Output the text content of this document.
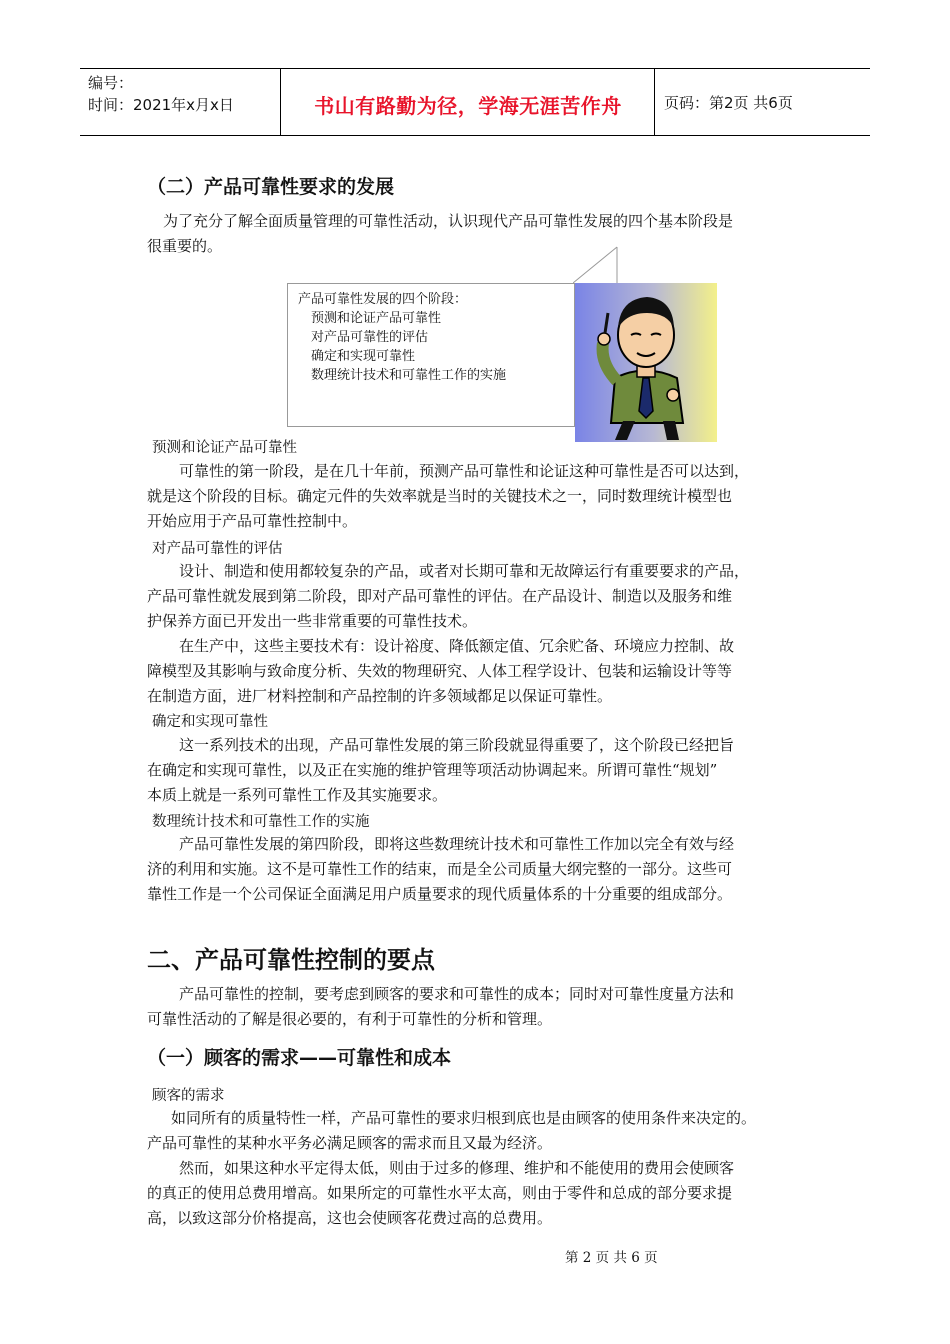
编号：
时间：2021年x月x日	书山有路勤为径，学海无涯苦作舟	页码：第2页 共6页
（二）产品可靠性要求的发展

为了充分了解全面质量管理的可靠性活动，认识现代产品可靠性发展的四个基本阶段是

很重要的。

产品可靠性发展的四个阶段：
预测和论证产品可靠性
对产品可靠性的评估
确定和实现可靠性
数理统计技术和可靠性工作的实施
预测和论证产品可靠性

可靠性的第一阶段，是在几十年前，预测产品可靠性和论证这种可靠性是否可以达到，

就是这个阶段的目标。确定元件的失效率就是当时的关键技术之一，同时数理统计模型也

开始应用于产品可靠性控制中。

对产品可靠性的评估

设计、制造和使用都较复杂的产品，或者对长期可靠和无故障运行有重要要求的产品，

产品可靠性就发展到第二阶段，即对产品可靠性的评估。在产品设计、制造以及服务和维

护保养方面已开发出一些非常重要的可靠性技术。

在生产中，这些主要技术有：设计裕度、降低额定值、冗余贮备、环境应力控制、故

障模型及其影响与致命度分析、失效的物理研究、人体工程学设计、包装和运输设计等等

在制造方面，进厂材料控制和产品控制的许多领域都足以保证可靠性。

确定和实现可靠性

这一系列技术的出现，产品可靠性发展的第三阶段就显得重要了，这个阶段已经把旨

在确定和实现可靠性，以及正在实施的维护管理等项活动协调起来。所谓可靠性“规划”

本质上就是一系列可靠性工作及其实施要求。

数理统计技术和可靠性工作的实施

产品可靠性发展的第四阶段，即将这些数理统计技术和可靠性工作加以完全有效与经

济的利用和实施。这不是可靠性工作的结束，而是全公司质量大纲完整的一部分。这些可

靠性工作是一个公司保证全面满足用户质量要求的现代质量体系的十分重要的组成部分。

二、产品可靠性控制的要点

产品可靠性的控制，要考虑到顾客的要求和可靠性的成本；同时对可靠性度量方法和

可靠性活动的了解是很必要的，有利于可靠性的分析和管理。

（一）顾客的需求——可靠性和成本
顾客的需求

如同所有的质量特性一样，产品可靠性的要求归根到底也是由顾客的使用条件来决定的。

产品可靠性的某种水平务必满足顾客的需求而且又最为经济。

然而，如果这种水平定得太低，则由于过多的修理、维护和不能使用的费用会使顾客

的真正的使用总费用增高。如果所定的可靠性水平太高，则由于零件和总成的部分要求提

高，以致这部分价格提高，这也会使顾客花费过高的总费用。

第 2 页 共 6 页
